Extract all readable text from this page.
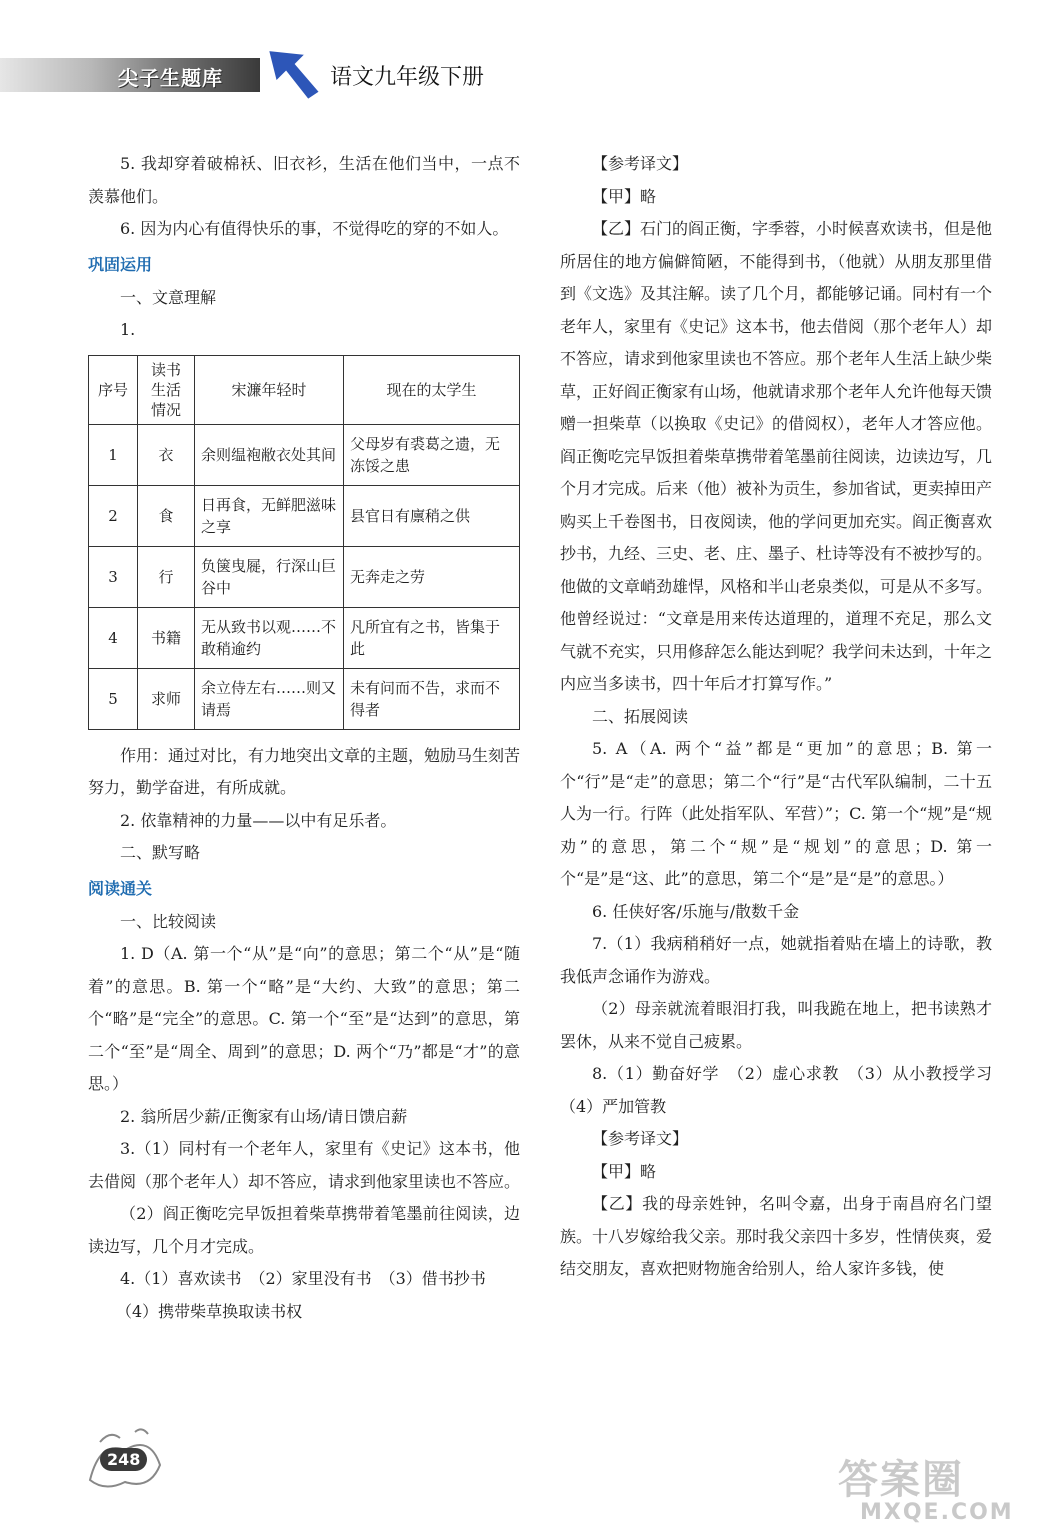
尖子生题库	语文九年级下册

5. 我却穿着破棉袄、旧衣衫，生活在他们当中，一点不羡慕他们。

6. 因为内心有值得快乐的事，不觉得吃的穿的不如人。

巩固运用

一、文意理解

1.

序号	读书生活情况	宋濂年轻时	现在的太学生
1	衣	余则缊袍敝衣处其间	父母岁有裘葛之遗，无冻馁之患
2	食	日再食，无鲜肥滋味之享	县官日有廪稍之供
3	行	负箧曳屣，行深山巨谷中	无奔走之劳
4	书籍	无从致书以观……不敢稍逾约	凡所宜有之书，皆集于此
5	求师	余立侍左右……则又请焉	未有问而不告，求而不得者

作用：通过对比，有力地突出文章的主题，勉励马生刻苦努力，勤学奋进，有所成就。

2. 依靠精神的力量——以中有足乐者。

二、默写略

阅读通关

一、比较阅读

1. D（A. 第一个“从”是“向”的意思；第二个“从”是“随着”的意思。B. 第一个“略”是“大约、大致”的意思；第二个“略”是“完全”的意思。C. 第一个“至”是“达到”的意思，第二个“至”是“周全、周到”的意思；D. 两个“乃”都是“才”的意思。）

2. 翁所居少薪/正衡家有山场/请日馈启薪

3.（1）同村有一个老年人，家里有《史记》这本书，他去借阅（那个老年人）却不答应，请求到他家里读也不答应。

（2）阎正衡吃完早饭担着柴草携带着笔墨前往阅读，边读边写，几个月才完成。

4.（1）喜欢读书　（2）家里没有书　（3）借书抄书

（4）携带柴草换取读书权

【参考译文】

【甲】略

【乙】石门的阎正衡，字季蓉，小时候喜欢读书，但是他所居住的地方偏僻简陋，不能得到书，（他就）从朋友那里借到《文选》及其注解。读了几个月，都能够记诵。同村有一个老年人，家里有《史记》这本书，他去借阅（那个老年人）却不答应，请求到他家里读也不答应。那个老年人生活上缺少柴草，正好阎正衡家有山场，他就请求那个老年人允许他每天馈赠一担柴草（以换取《史记》的借阅权），老年人才答应他。阎正衡吃完早饭担着柴草携带着笔墨前往阅读，边读边写，几个月才完成。后来（他）被补为贡生，参加省试，更卖掉田产购买上千卷图书，日夜阅读，他的学问更加充实。阎正衡喜欢抄书，九经、三史、老、庄、墨子、杜诗等没有不被抄写的。他做的文章峭劲雄悍，风格和半山老泉类似，可是从不多写。他曾经说过：“文章是用来传达道理的，道理不充足，那么文气就不充实，只用修辞怎么能达到呢？我学问未达到，十年之内应当多读书，四十年后才打算写作。”

二、拓展阅读

5. A（A. 两个“益”都是“更加”的意思；B. 第一个“行”是“走”的意思；第二个“行”是“古代军队编制，二十五人为一行。行阵（此处指军队、军营）”；C. 第一个“规”是“规劝”的意思，第二个“规”是“规划”的意思；D. 第一个“是”是“这、此”的意思，第二个“是”是“是”的意思。）

6. 任侠好客/乐施与/散数千金

7.（1）我病稍稍好一点，她就指着贴在墙上的诗歌，教我低声念诵作为游戏。

（2）母亲就流着眼泪打我，叫我跪在地上，把书读熟才罢休，从来不觉自己疲累。

8.（1）勤奋好学　（2）虚心求教　（3）从小教授学习　（4）严加管教

【参考译文】

【甲】略

【乙】我的母亲姓钟，名叫令嘉，出身于南昌府名门望族。十八岁嫁给我父亲。那时我父亲四十多岁，性情侠爽，爱结交朋友，喜欢把财物施舍给别人，给人家许多钱，使

248	答案圈
MXQE.COM
